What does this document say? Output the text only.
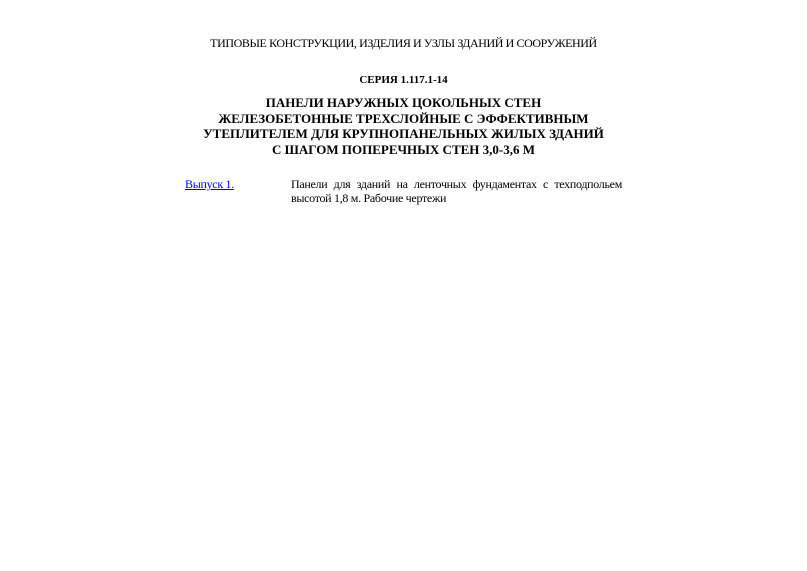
ТИПОВЫЕ КОНСТРУКЦИИ, ИЗДЕЛИЯ И УЗЛЫ ЗДАНИЙ И СООРУЖЕНИЙ
СЕРИЯ 1.117.1-14
ПАНЕЛИ НАРУЖНЫХ ЦОКОЛЬНЫХ СТЕН
ЖЕЛЕЗОБЕТОННЫЕ ТРЕХСЛОЙНЫЕ С ЭФФЕКТИВНЫМ
УТЕПЛИТЕЛЕМ ДЛЯ КРУПНОПАНЕЛЬНЫХ ЖИЛЫХ ЗДАНИЙ
С ШАГОМ ПОПЕРЕЧНЫХ СТЕН 3,0-3,6 М
Выпуск 1.	Панели для зданий на ленточных фундаментах с техподпольем высотой 1,8 м. Рабочие чертежи
